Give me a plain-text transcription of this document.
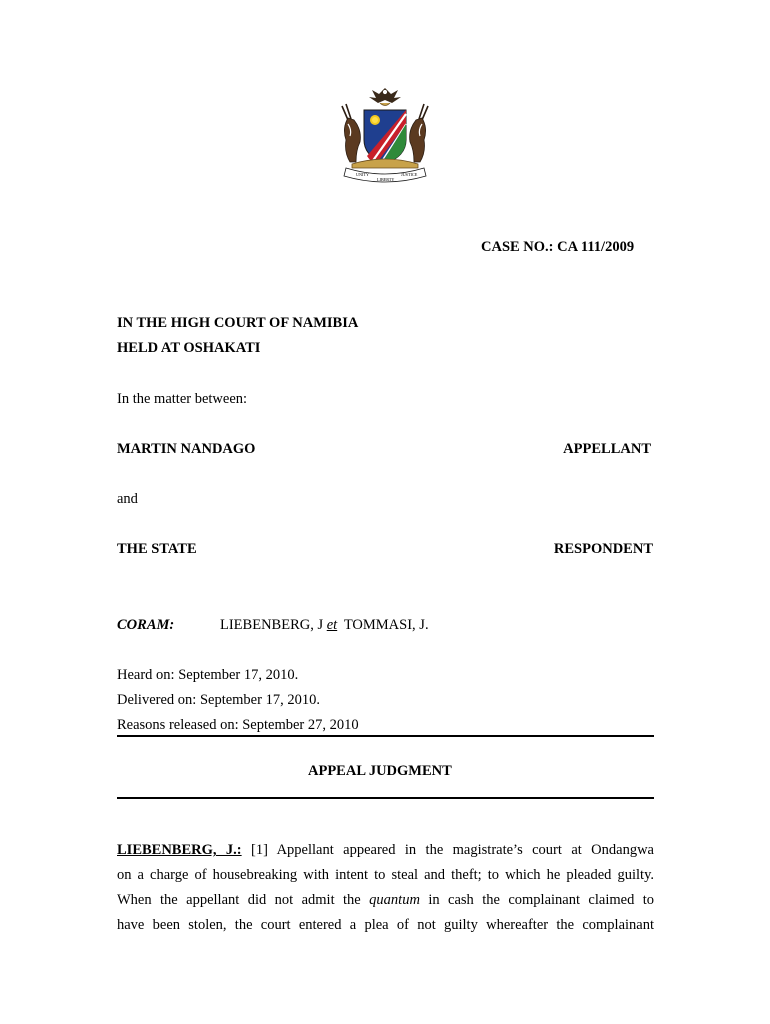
UNITY
LIBERTY
JUSTICE
CASE NO.: CA 111/2009
IN THE HIGH COURT OF NAMIBIA
HELD AT OSHAKATI
In the matter between:
MARTIN NANDAGO	APPELLANT
and
THE STATE	RESPONDENT
CORAM:	LIEBENBERG, J et TOMMASI, J.
Heard on: September 17, 2010.
Delivered on: September 17, 2010.
Reasons released on: September 27, 2010
APPEAL JUDGMENT
LIEBENBERG, J.: [1] Appellant appeared in the magistrate’s court at Ondangwa
on a charge of housebreaking with intent to steal and theft; to which he pleaded guilty.
When the appellant did not admit the quantum in cash the complainant claimed to
have been stolen, the court entered a plea of not guilty whereafter the complainant
